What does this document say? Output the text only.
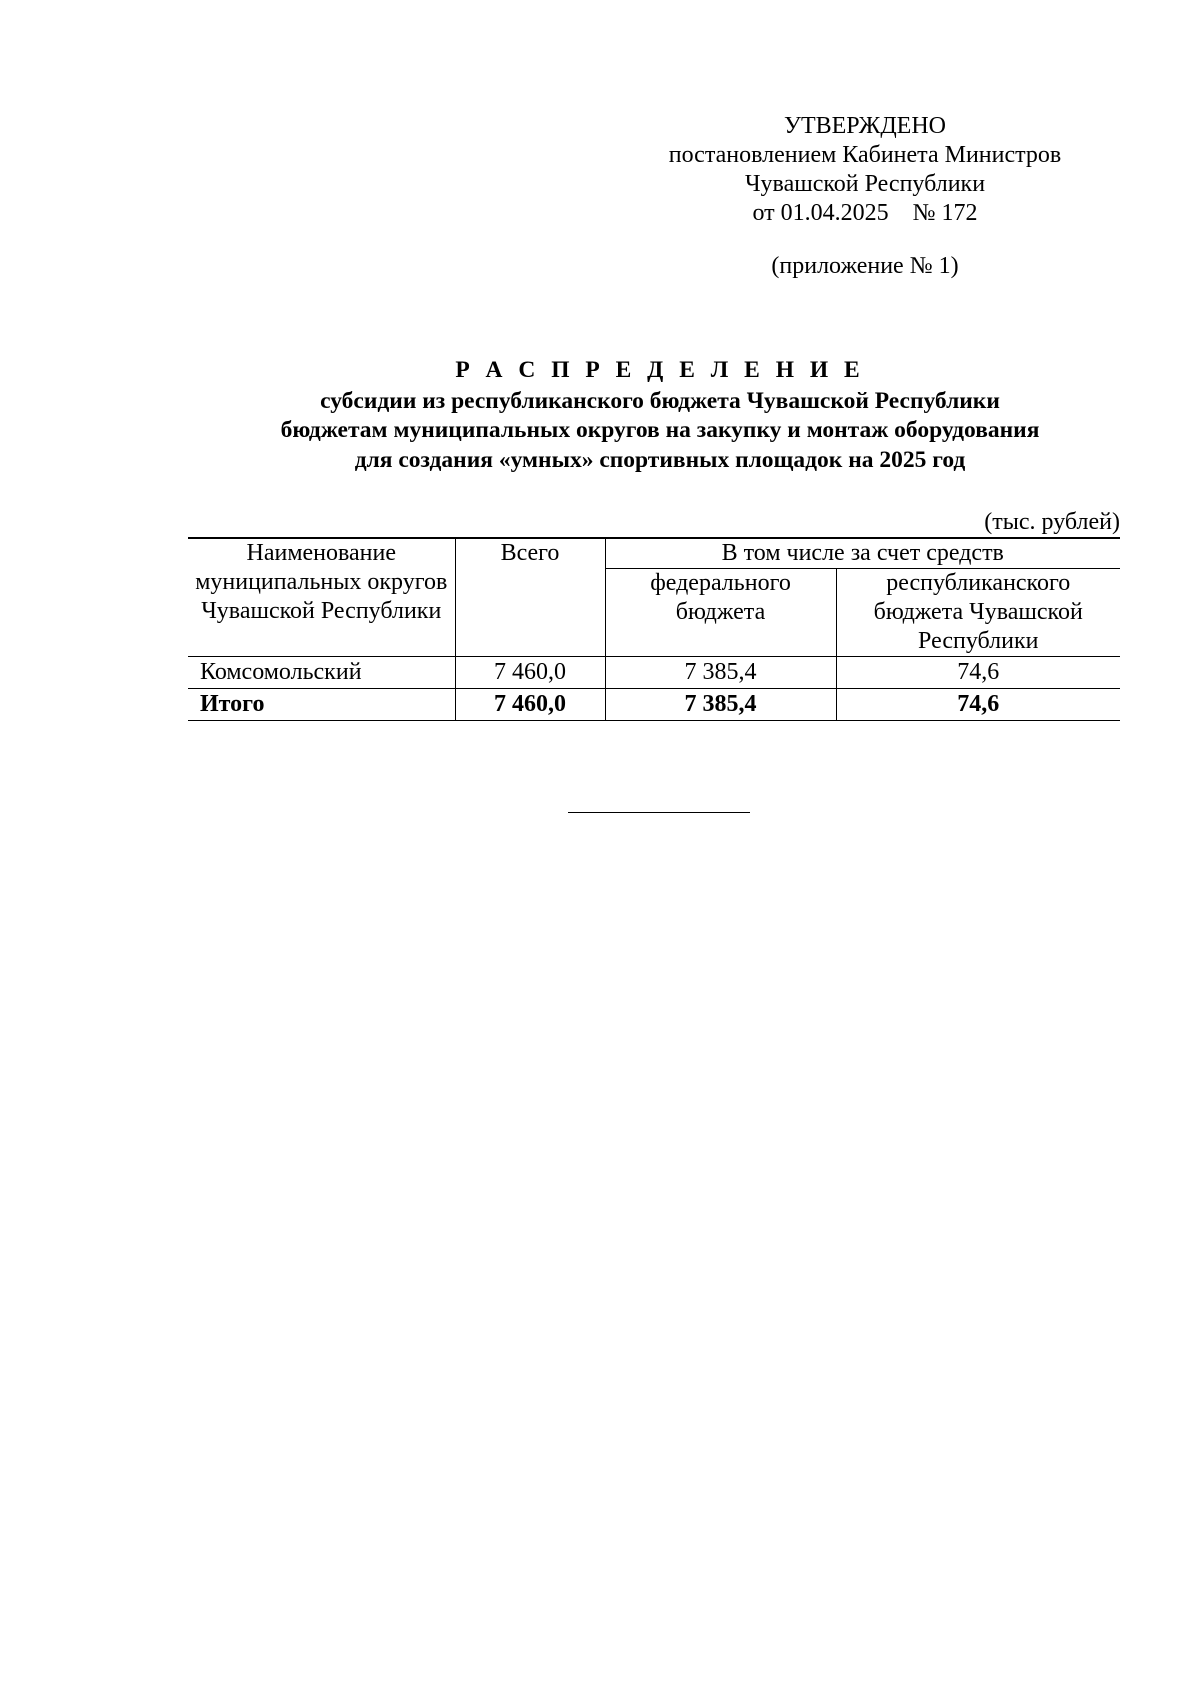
УТВЕРЖДЕНО
постановлением Кабинета Министров
Чувашской Республики
от 01.04.2025    № 172
(приложение № 1)
Р А С П Р Е Д Е Л Е Н И Е
субсидии из республиканского бюджета Чувашской Республики
бюджетам муниципальных округов на закупку и монтаж оборудования
для создания «умных» спортивных площадок на 2025 год
(тыс. рублей)
Наименование муниципальных округов Чувашской Республики	Всего	В том числе за счет средств	
		федерального бюджета	республиканского бюджета Чувашской Республики
Комсомольский	7 460,0	7 385,4	74,6
Итого	7 460,0	7 385,4	74,6
